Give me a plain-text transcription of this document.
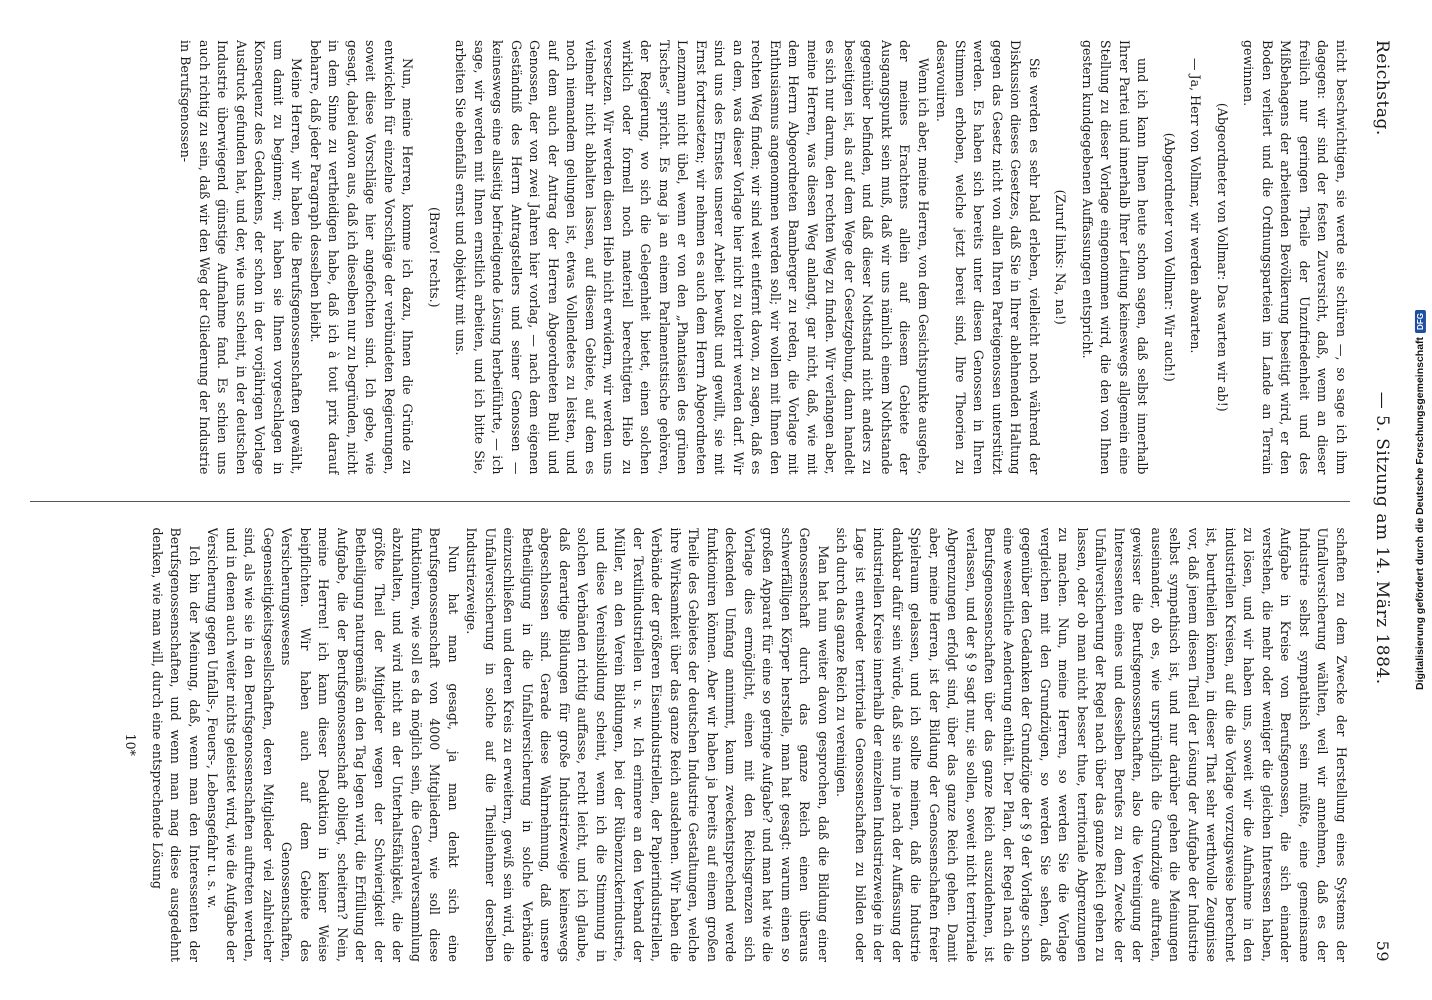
Reichstag.
— 5. Sitzung am 14. März 1884.
59

nicht beschwichtigen, sie werde sie schüren —, so sage ich ihm dagegen: wir sind der festen Zuversicht, daß, wenn an dieser freilich nur geringen Theile der Unzufriedenheit und des Mißbehagens der arbeitenden Bevölkerung beseitigt wird, er den Boden verliert und die Ordnungsparteien im Lande an Terrain gewinnen.

(Abgeordneter von Vollmar: Das warten wir ab!)

— Ja, Herr von Vollmar, wir werden abwarten.

(Abgeordneter von Vollmar: Wir auch!)

und ich kann Ihnen heute schon sagen, daß selbst innerhalb Ihrer Partei und innerhalb Ihrer Leitung keineswegs allgemein eine Stellung zu dieser Vorlage eingenommen wird, die den von Ihnen gestern kundgegebenen Auffassungen entspricht.

(Zuruf links: Na, na!)

Sie werden es sehr bald erleben, vielleicht noch während der Diskussion dieses Gesetzes, daß Sie in Ihrer ablehnenden Haltung gegen das Gesetz nicht von allen Ihren Parteigenossen unterstützt werden. Es haben sich bereits unter diesen Genossen in Ihren Stimmen erhoben, welche jetzt bereit sind, Ihre Theorien zu desavouiren.

Wenn ich aber, meine Herren, von dem Gesichtspunkte ausgehe, der meines Erachtens allein auf diesem Gebiete der Ausgangspunkt sein muß, daß wir uns nämlich einem Nothstande gegenüber befinden, und daß dieser Nothstand nicht anders zu beseitigen ist, als auf dem Wege der Gesetzgebung, dann handelt es sich nur darum, den rechten Weg zu finden. Wir verlangen aber, meine Herren, was diesen Weg anlangt, gar nicht, daß, wie mit dem Herrn Abgeordneten Bamberger zu reden, die Vorlage mit Enthusiasmus angenommen werden soll; wir wollen mit Ihnen den rechten Weg finden; wir sind weit entfernt davon, zu sagen, daß es an dem, was dieser Vorlage hier nicht zu tolerirt werden darf. Wir sind uns des Ernstes unserer Arbeit bewußt und gewillt, sie mit Ernst fortzusetzen; wir nehmen es auch dem Herrn Abgeordneten Lenzmann nicht übel, wenn er von den „Phantasien des grünen Tisches“ spricht. Es mag ja an einem Parlamentstische gehören, der Regierung, wo sich die Gelegenheit bietet, einen solchen wirklich oder formell noch materiell berechtigten Hieb zu versetzen. Wir werden diesen Hieb nicht erwidern, wir werden uns vielmehr nicht abhalten lassen, auf diesem Gebiete, auf dem es noch niemandem gelungen ist, etwas Vollendetes zu leisten, und auf dem auch der Antrag der Herren Abgeordneten Buhl und Genossen, der von zwei Jahren hier vorlag, — nach dem eigenen Geständniß des Herrn Antragstellers und seiner Genossen — keineswegs eine allseitig befriedigende Lösung herbeiführte, — ich sage, wir werden mit Ihnen ernstlich arbeiten, und ich bitte Sie, arbeiten Sie ebenfalls ernst und objektiv mit uns.

(Bravo! rechts.)

Nun, meine Herren, komme ich dazu, Ihnen die Gründe zu entwickeln für einzelne Vorschläge der verbündeten Regierungen, soweit diese Vorschläge hier angefochten sind. Ich gebe, wie gesagt, dabei davon aus, daß ich dieselben nur zu begründen, nicht in dem Sinne zu vertheidigen habe, daß ich à tout prix darauf beharre, daß jeder Paragraph desselben bleibt.

Meine Herren, wir haben die Berufsgenossenschaften gewählt, um damit zu beginnen; wir haben sie Ihnen vorgeschlagen in Konsequenz des Gedankens, der schon in der vorjährigen Vorlage Ausdruck gefunden hat, und der, wie uns scheint, in der deutschen Industrie überwiegend günstige Aufnahme fand. Es schien uns auch richtig zu sein, daß wir den Weg der Gliederung der Industrie in Berufsgenossen-

schaften zu dem Zwecke der Herstellung eines Systems der Unfallversicherung wählten, weil wir annehmen, daß es der Industrie selbst sympathisch sein müßte, eine gemeinsame Aufgabe in Kreise von Berufsgenossen, die sich einander verstehen, die mehr oder weniger die gleichen Interessen haben, zu lösen, und wir haben uns, soweit wir die Aufnahme in den industriellen Kreisen, auf die die Vorlage vorzugsweise berechnet ist, beurtheilen können, in dieser That sehr werthvolle Zeugnisse vor, daß jenem diesen Theil der Lösung der Aufgabe der Industrie selbst sympathisch ist, und nur darüber gehen die Meinungen auseinander, ob es, wie ursprünglich die Grundzüge auftraten, gewisser die Berufsgenossenschaften, also die Vereinigung der Interessenten eines und desselben Berufes zu dem Zwecke der Unfallversicherung der Regel nach über das ganze Reich gehen zu lassen, oder ob man nicht besser thue, territoriale Abgrenzungen zu machen. Nun, meine Herren, so werden Sie die Vorlage vergleichen mit den Grundzügen, so werden Sie sehen, daß gegenüber den Gedanken der Grundzüge der § 9 der Vorlage schon eine wesentliche Aenderung enthält. Der Plan, der Regel nach die Berufsgenossenschaften über das ganze Reich auszudehnen, ist verlassen, und der § 9 sagt nur, sie sollen, soweit nicht territoriale Abgrenzungen erfolgt sind, über das ganze Reich gehen. Damit aber, meine Herren, ist der Bildung der Genossenschaften freier Spielraum gelassen, und ich sollte meinen, daß die Industrie dankbar dafür sein würde, daß sie nun je nach der Auffassung der industriellen Kreise innerhalb der einzelnen Industriezweige in der Lage ist entweder territoriale Genossenschaften zu bilden oder sich durch das ganze Reich zu vereinigen.

Man hat nun weiter davon gesprochen, daß die Bildung einer Genossenschaft durch das ganze Reich einen überaus schwerfälligen Körper herstelle, man hat gesagt: warum einen so großen Apparat für eine so geringe Aufgabe? und man hat wie die Vorlage dies ermöglicht, einen mit den Reichsgrenzen sich deckenden Umfang annimmt, kaum zweckentsprechend werde funktioniren können. Aber wir haben ja bereits auf einem großen Theile des Gebietes der deutschen Industrie Gestaltungen, welche ihre Wirksamkeit über das ganze Reich ausdehnen. Wir haben die Verbände der größeren Eisenindustriellen, der Papierindustriellen, der Textilindustriellen u. s. w. Ich erinnere an den Verband der Müller, an den Verein Bildungen, bei der Rübenzuckerindustrie, und diese Vereinsbildung scheint, wenn ich die Stimmung in solchen Verbänden richtig auffasse, recht leicht, und ich glaube, daß derartige Bildungen für große Industriezweige keineswegs abgeschlossen sind. Gerade diese Wahrnehmung, daß unsere Betheiligung in die Unfallversicherung in solche Verbände einzuschließen und deren Kreis zu erweitern, gewiß sein wird, die Unfallversicherung in solche auf die Theilnehmer derselben Industriezweige.

Nun hat man gesagt, ja man denkt sich eine Berufsgenossenschaft von 4000 Mitgliedern, wie soll diese funktioniren, wie soll es da möglich sein, die Generalversammlung abzuhalten, und wird nicht an der Unterhaltsfähigkeit, die der größte Theil der Mitglieder wegen der Schwierigkeit der Betheiligung naturgemäß an den Tag legen wird, die Erfüllung der Aufgabe, die der Berufsgenossenschaft obliegt, scheitern? Nein, meine Herren! ich kann dieser Deduktion in keiner Weise beipflichten. Wir haben auch auf dem Gebiete des Versicherungswesens Genossenschaften, Gegenseitigkeitsgesellschaften, deren Mitglieder viel zahlreicher sind, als wie sie in den Berufsgenossenschaften auftreten werden, und in denen auch weiter nichts geleistet wird, wie die Aufgabe der Versicherung gegen Unfalls-, Feuers-, Lebensgefahr u. s. w.

Ich bin der Meinung, daß, wenn man den Interessenten der Berufsgenossenschaften, und wenn man mag diese ausgedehnt denken, wie man will, durch eine entsprechende Lösung

10*

Digitalisierung gefördert durch die Deutsche Forschungsgemeinschaft
DFG
